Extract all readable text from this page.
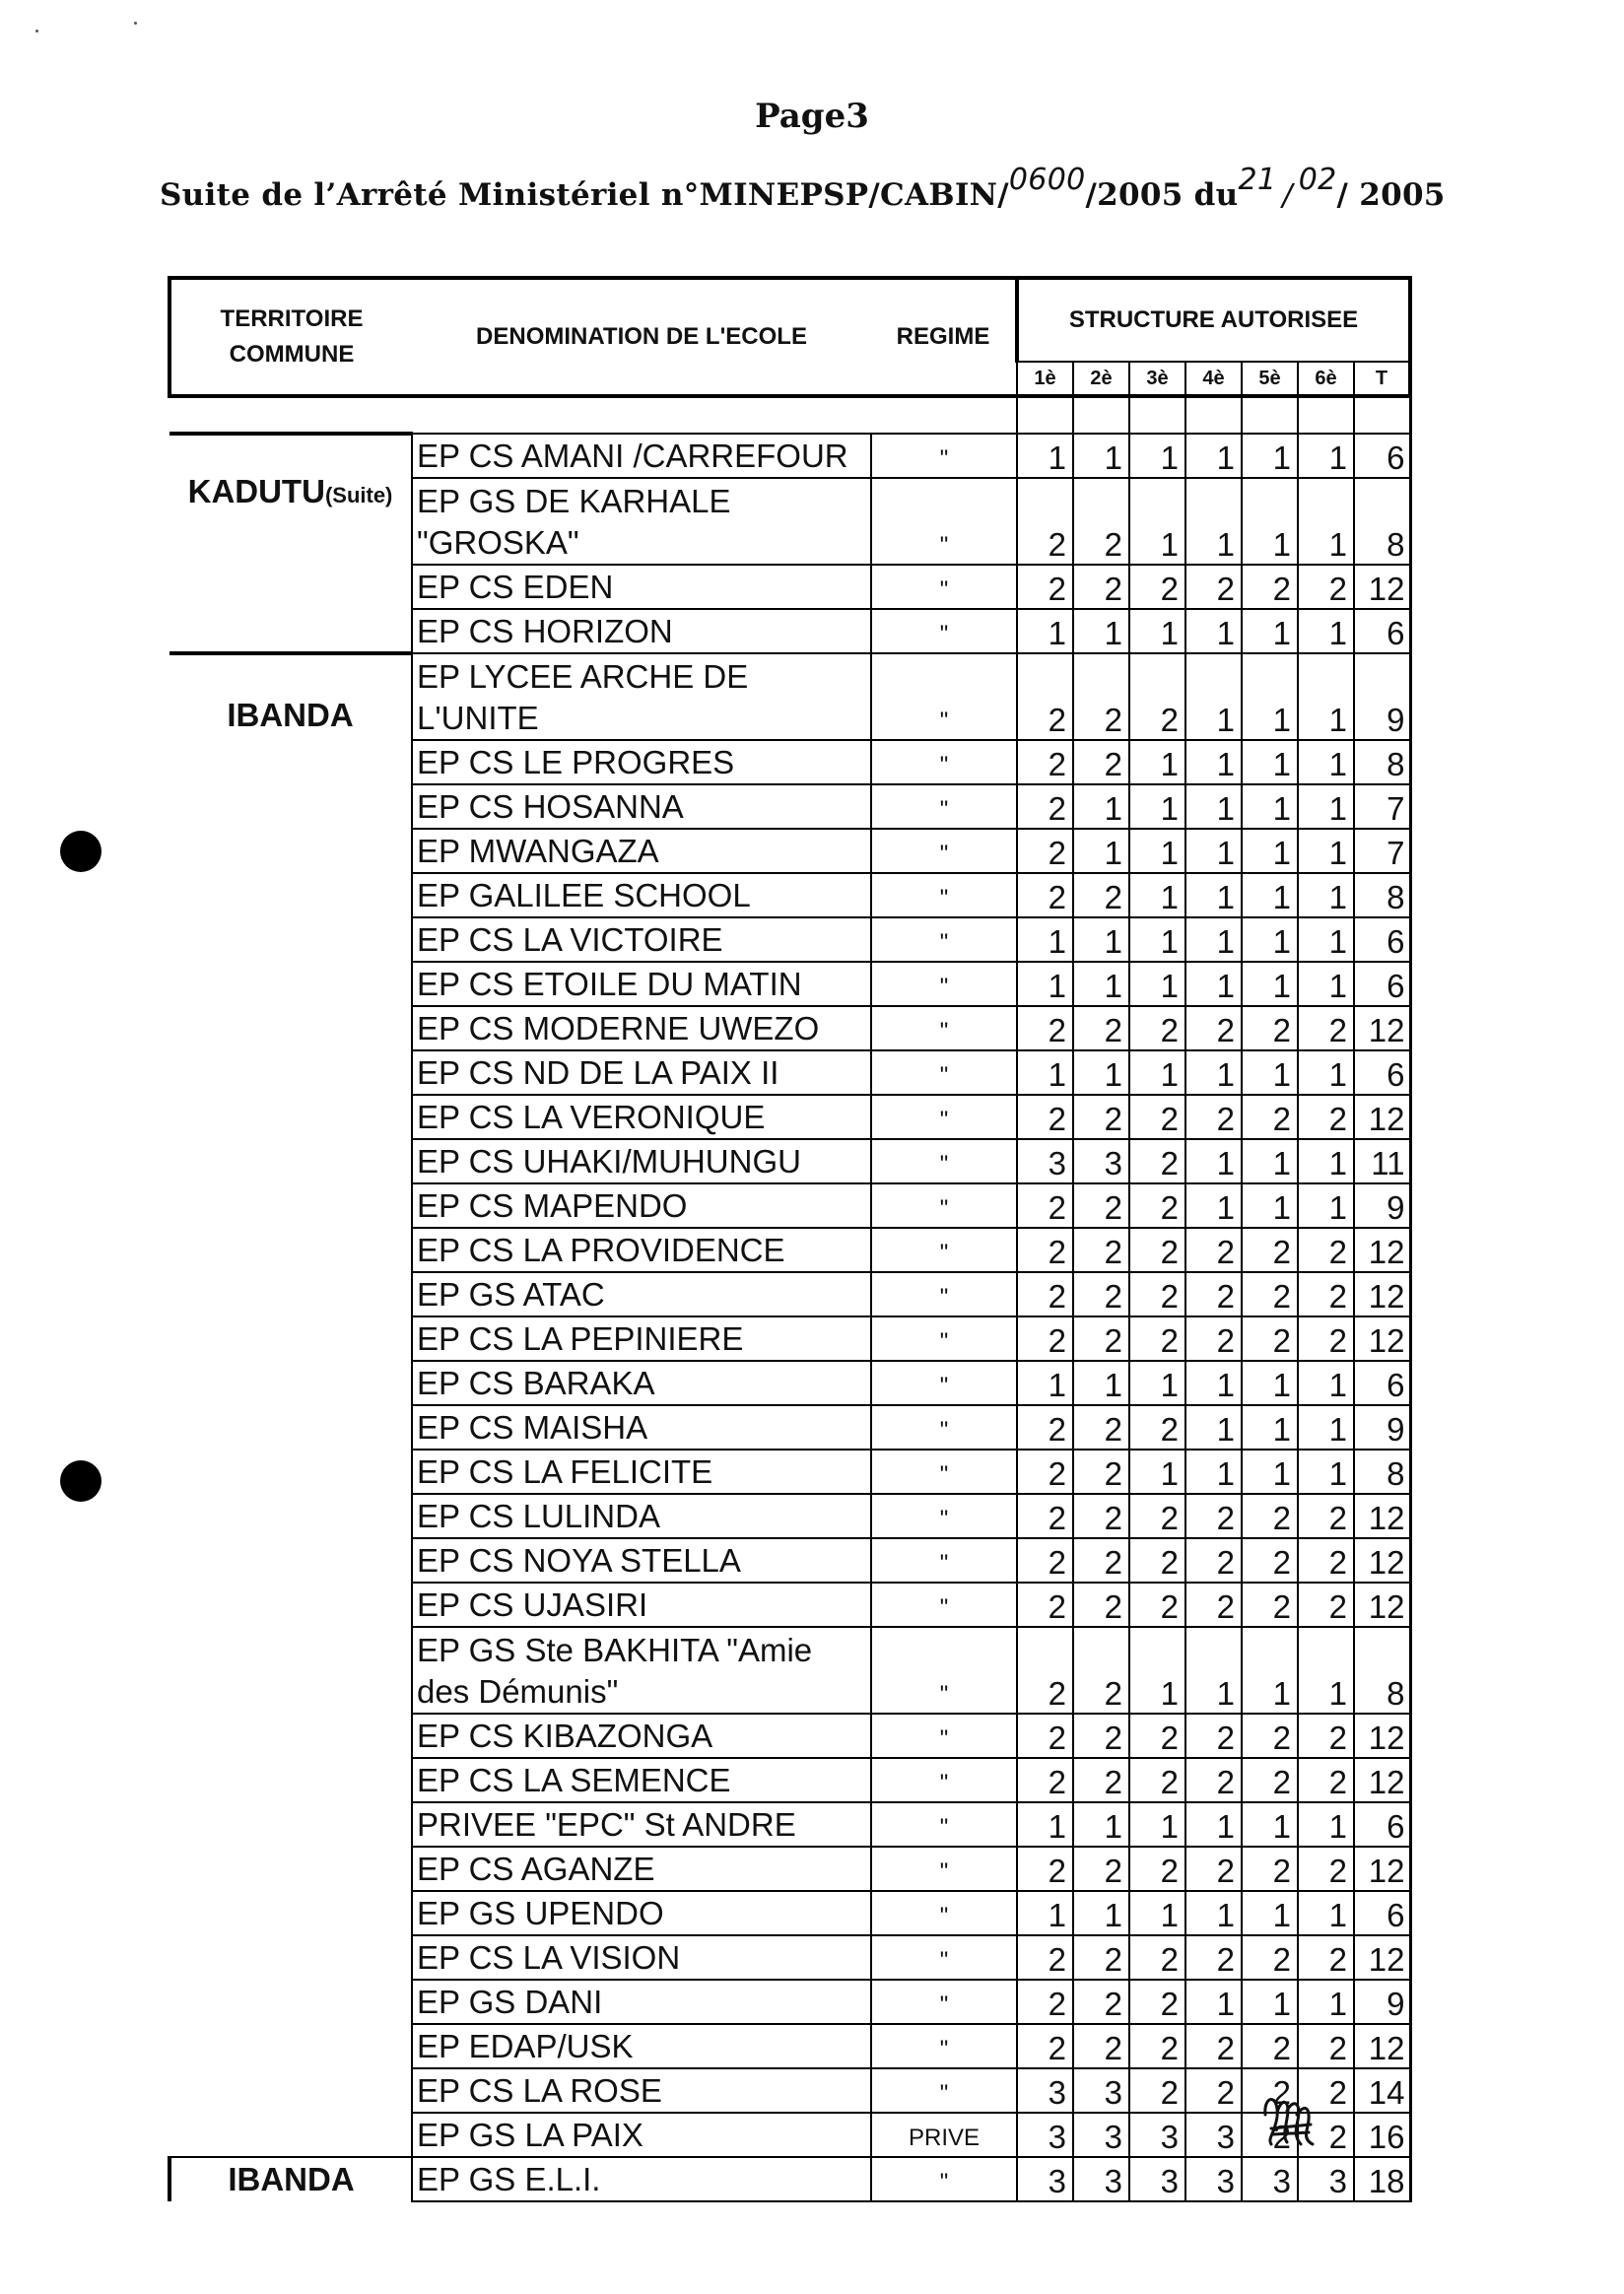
Page3
Suite de l’Arrêté Ministériel n°MINEPSP/CABIN/0600/2005 du21 / 02/ 2005
TERRITOIRE COMMUNE	DENOMINATION DE L'ECOLE	REGIME	STRUCTURE AUTORISEE						
			1è	2è	3è	4è	5è	6è	T

KADUTU(Suite)	EP CS AMANI /CARREFOUR	"	1	1	1	1	1	1	6
	EP GS DE KARHALE "GROSKA"	"	2	2	1	1	1	1	8
	EP CS EDEN	"	2	2	2	2	2	2	12
	EP CS HORIZON	"	1	1	1	1	1	1	6

IBANDA	EP LYCEE ARCHE DE L'UNITE	"	2	2	2	1	1	1	9
	EP CS LE PROGRES	"	2	2	1	1	1	1	8
	EP CS HOSANNA	"	2	1	1	1	1	1	7
	EP MWANGAZA	"	2	1	1	1	1	1	7
	EP GALILEE SCHOOL	"	2	2	1	1	1	1	8
	EP CS LA VICTOIRE	"	1	1	1	1	1	1	6
	EP CS ETOILE DU MATIN	"	1	1	1	1	1	1	6
	EP CS MODERNE UWEZO	"	2	2	2	2	2	2	12
	EP CS ND DE LA PAIX II	"	1	1	1	1	1	1	6
	EP CS LA VERONIQUE	"	2	2	2	2	2	2	12
	EP CS UHAKI/MUHUNGU	"	3	3	2	1	1	1	11
	EP CS MAPENDO	"	2	2	2	1	1	1	9
	EP CS LA PROVIDENCE	"	2	2	2	2	2	2	12
	EP GS ATAC	"	2	2	2	2	2	2	12
	EP CS LA PEPINIERE	"	2	2	2	2	2	2	12
	EP CS BARAKA	"	1	1	1	1	1	1	6
	EP CS MAISHA	"	2	2	2	1	1	1	9
	EP CS LA FELICITE	"	2	2	1	1	1	1	8
	EP CS LULINDA	"	2	2	2	2	2	2	12
	EP CS NOYA STELLA	"	2	2	2	2	2	2	12
	EP CS UJASIRI	"	2	2	2	2	2	2	12
	EP GS Ste BAKHITA "Amie des Démunis"	"	2	2	1	1	1	1	8
	EP CS KIBAZONGA	"	2	2	2	2	2	2	12
	EP CS LA SEMENCE	"	2	2	2	2	2	2	12
	PRIVEE "EPC" St ANDRE	"	1	1	1	1	1	1	6
	EP CS AGANZE	"	2	2	2	2	2	2	12
	EP GS UPENDO	"	1	1	1	1	1	1	6
	EP CS LA VISION	"	2	2	2	2	2	2	12
	EP GS DANI	"	2	2	2	1	1	1	9
	EP EDAP/USK	"	2	2	2	2	2	2	12
	EP CS LA ROSE	"	3	3	2	2	2	2	14
	EP GS LA PAIX	PRIVE	3	3	3	3	2	2	16

IBANDA	EP GS E.L.I.	"	3	3	3	3	3	3	18
